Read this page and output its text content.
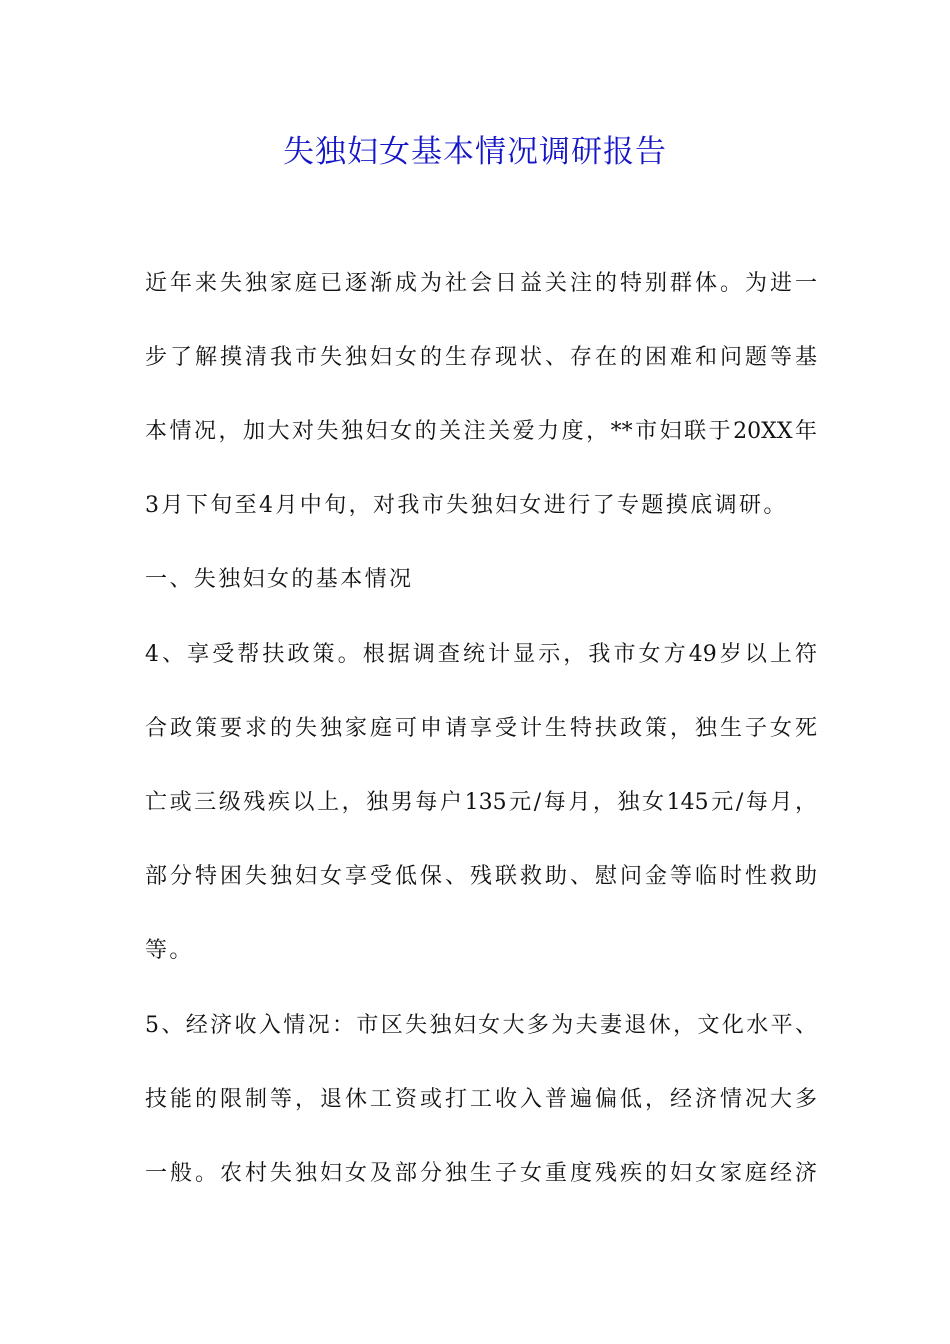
失独妇女基本情况调研报告

近年来失独家庭已逐渐成为社会日益关注的特别群体。为进一

步了解摸清我市失独妇女的生存现状、存在的困难和问题等基

本情况，加大对失独妇女的关注关爱力度，**市妇联于20XX年

3月下旬至4月中旬，对我市失独妇女进行了专题摸底调研。

一、失独妇女的基本情况

4、享受帮扶政策。根据调查统计显示，我市女方49岁以上符

合政策要求的失独家庭可申请享受计生特扶政策，独生子女死

亡或三级残疾以上，独男每户135元/每月，独女145元/每月，

部分特困失独妇女享受低保、残联救助、慰问金等临时性救助

等。

5、经济收入情况：市区失独妇女大多为夫妻退休，文化水平、

技能的限制等，退休工资或打工收入普遍偏低，经济情况大多

一般。农村失独妇女及部分独生子女重度残疾的妇女家庭经济
